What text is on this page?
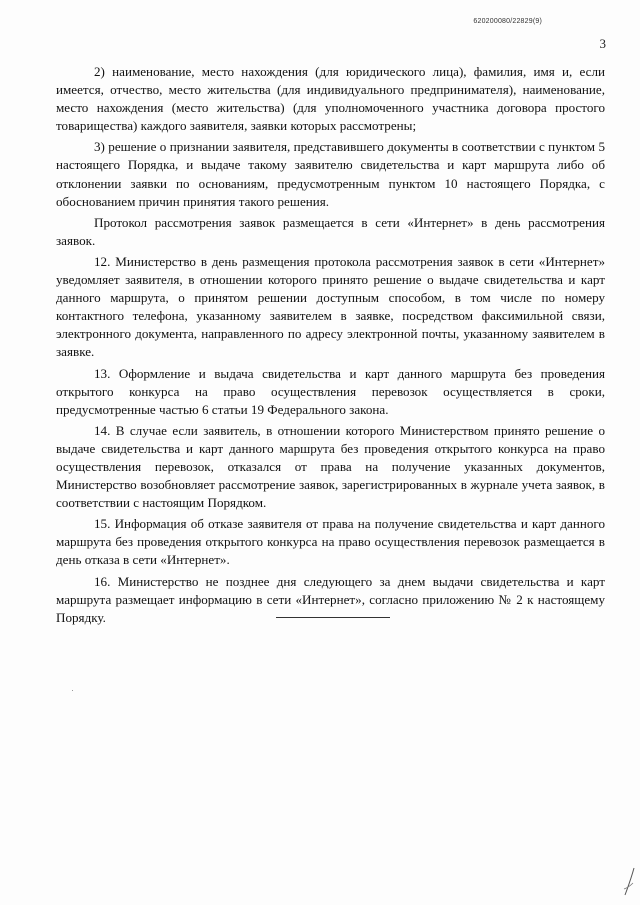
620200080/22829(9)
3

2) наименование, место нахождения (для юридического лица), фамилия, имя и, если имеется, отчество, место жительства (для индивидуального предпринимателя), наименование, место нахождения (место жительства) (для уполномоченного участника договора простого товарищества) каждого заявителя, заявки которых рассмотрены;

3) решение о признании заявителя, представившего документы в соответствии с пунктом 5 настоящего Порядка, и выдаче такому заявителю свидетельства и карт маршрута либо об отклонении заявки по основаниям, предусмотренным пунктом 10 настоящего Порядка, с обоснованием причин принятия такого решения.

Протокол рассмотрения заявок размещается в сети «Интернет» в день рассмотрения заявок.

12. Министерство в день размещения протокола рассмотрения заявок в сети «Интернет» уведомляет заявителя, в отношении которого принято решение о выдаче свидетельства и карт данного маршрута, о принятом решении доступным способом, в том числе по номеру контактного телефона, указанному заявителем в заявке, посредством факсимильной связи, электронного документа, направленного по адресу электронной почты, указанному заявителем в заявке.

13. Оформление и выдача свидетельства и карт данного маршрута без проведения открытого конкурса на право осуществления перевозок осуществляется в сроки, предусмотренные частью 6 статьи 19 Федерального закона.

14. В случае если заявитель, в отношении которого Министерством принято решение о выдаче свидетельства и карт данного маршрута без проведения открытого конкурса на право осуществления перевозок, отказался от права на получение указанных документов, Министерство возобновляет рассмотрение заявок, зарегистрированных в журнале учета заявок, в соответствии с настоящим Порядком.

15. Информация об отказе заявителя от права на получение свидетельства и карт данного маршрута без проведения открытого конкурса на право осуществления перевозок размещается в день отказа в сети «Интернет».

16. Министерство не позднее дня следующего за днем выдачи свидетельства и карт маршрута размещает информацию в сети «Интернет», согласно приложению № 2 к настоящему Порядку.
